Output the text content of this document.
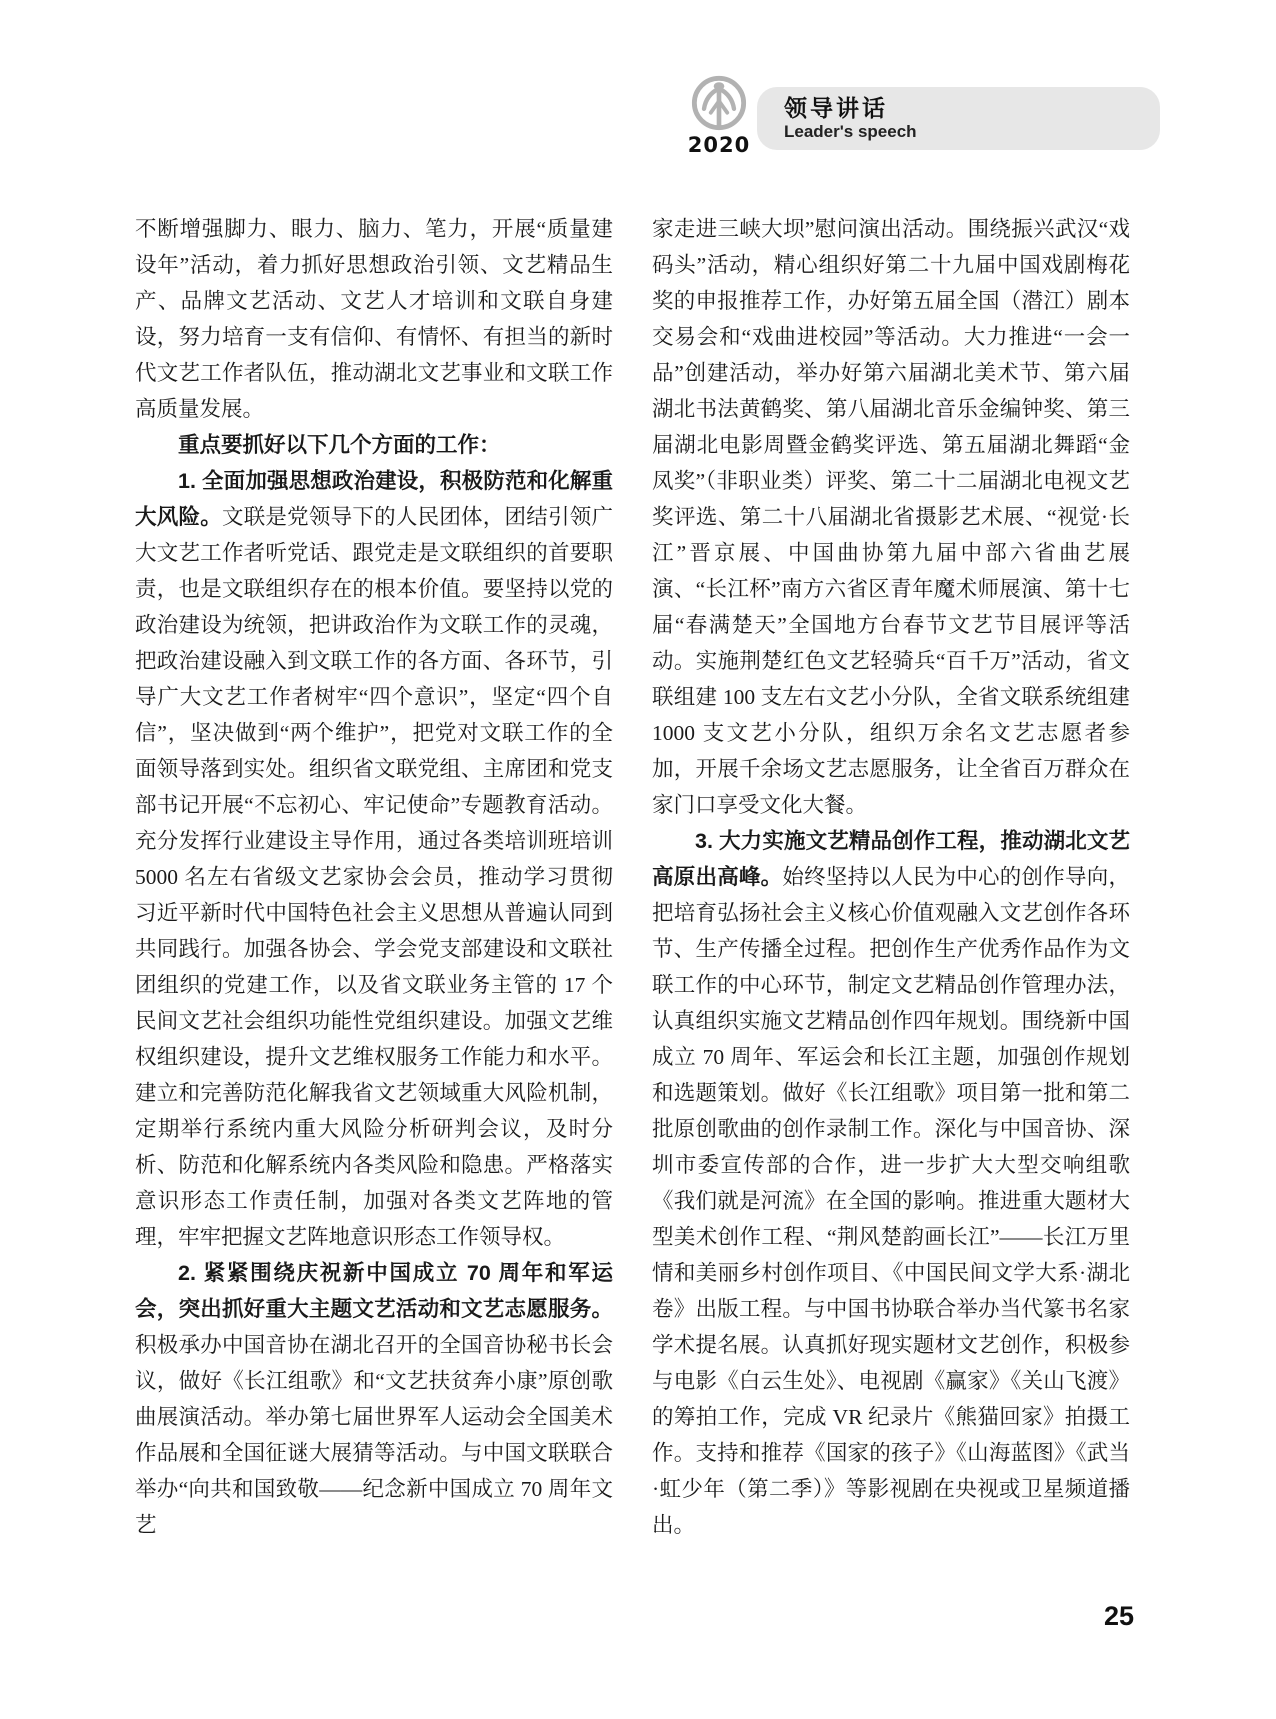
2020
领导讲话
Leader's speech

不断增强脚力、眼力、脑力、笔力，开展“质量建设年”活动，着力抓好思想政治引领、文艺精品生产、品牌文艺活动、文艺人才培训和文联自身建设，努力培育一支有信仰、有情怀、有担当的新时代文艺工作者队伍，推动湖北文艺事业和文联工作高质量发展。

重点要抓好以下几个方面的工作：

1. 全面加强思想政治建设，积极防范和化解重大风险。文联是党领导下的人民团体，团结引领广大文艺工作者听党话、跟党走是文联组织的首要职责，也是文联组织存在的根本价值。要坚持以党的政治建设为统领，把讲政治作为文联工作的灵魂，把政治建设融入到文联工作的各方面、各环节，引导广大文艺工作者树牢“四个意识”，坚定“四个自信”，坚决做到“两个维护”，把党对文联工作的全面领导落到实处。组织省文联党组、主席团和党支部书记开展“不忘初心、牢记使命”专题教育活动。充分发挥行业建设主导作用，通过各类培训班培训 5000 名左右省级文艺家协会会员，推动学习贯彻习近平新时代中国特色社会主义思想从普遍认同到共同践行。加强各协会、学会党支部建设和文联社团组织的党建工作，以及省文联业务主管的 17 个民间文艺社会组织功能性党组织建设。加强文艺维权组织建设，提升文艺维权服务工作能力和水平。建立和完善防范化解我省文艺领域重大风险机制，定期举行系统内重大风险分析研判会议，及时分析、防范和化解系统内各类风险和隐患。严格落实意识形态工作责任制，加强对各类文艺阵地的管理，牢牢把握文艺阵地意识形态工作领导权。

2. 紧紧围绕庆祝新中国成立 70 周年和军运会，突出抓好重大主题文艺活动和文艺志愿服务。积极承办中国音协在湖北召开的全国音协秘书长会议，做好《长江组歌》和“文艺扶贫奔小康”原创歌曲展演活动。举办第七届世界军人运动会全国美术作品展和全国征谜大展猜等活动。与中国文联联合举办“向共和国致敬——纪念新中国成立 70 周年文艺

家走进三峡大坝”慰问演出活动。围绕振兴武汉“戏码头”活动，精心组织好第二十九届中国戏剧梅花奖的申报推荐工作，办好第五届全国（潜江）剧本交易会和“戏曲进校园”等活动。大力推进“一会一品”创建活动，举办好第六届湖北美术节、第六届湖北书法黄鹤奖、第八届湖北音乐金编钟奖、第三届湖北电影周暨金鹤奖评选、第五届湖北舞蹈“金凤奖”（非职业类）评奖、第二十二届湖北电视文艺奖评选、第二十八届湖北省摄影艺术展、“视觉·长江”晋京展、中国曲协第九届中部六省曲艺展演、“长江杯”南方六省区青年魔术师展演、第十七届“春满楚天”全国地方台春节文艺节目展评等活动。实施荆楚红色文艺轻骑兵“百千万”活动，省文联组建 100 支左右文艺小分队，全省文联系统组建 1000 支文艺小分队，组织万余名文艺志愿者参加，开展千余场文艺志愿服务，让全省百万群众在家门口享受文化大餐。

3. 大力实施文艺精品创作工程，推动湖北文艺高原出高峰。始终坚持以人民为中心的创作导向，把培育弘扬社会主义核心价值观融入文艺创作各环节、生产传播全过程。把创作生产优秀作品作为文联工作的中心环节，制定文艺精品创作管理办法，认真组织实施文艺精品创作四年规划。围绕新中国成立 70 周年、军运会和长江主题，加强创作规划和选题策划。做好《长江组歌》项目第一批和第二批原创歌曲的创作录制工作。深化与中国音协、深圳市委宣传部的合作，进一步扩大大型交响组歌《我们就是河流》在全国的影响。推进重大题材大型美术创作工程、“荆风楚韵画长江”——长江万里情和美丽乡村创作项目、《中国民间文学大系·湖北卷》出版工程。与中国书协联合举办当代篆书名家学术提名展。认真抓好现实题材文艺创作，积极参与电影《白云生处》、电视剧《赢家》《关山飞渡》的筹拍工作，完成 VR 纪录片《熊猫回家》拍摄工作。支持和推荐《国家的孩子》《山海蓝图》《武当·虹少年（第二季）》等影视剧在央视或卫星频道播出。

25
